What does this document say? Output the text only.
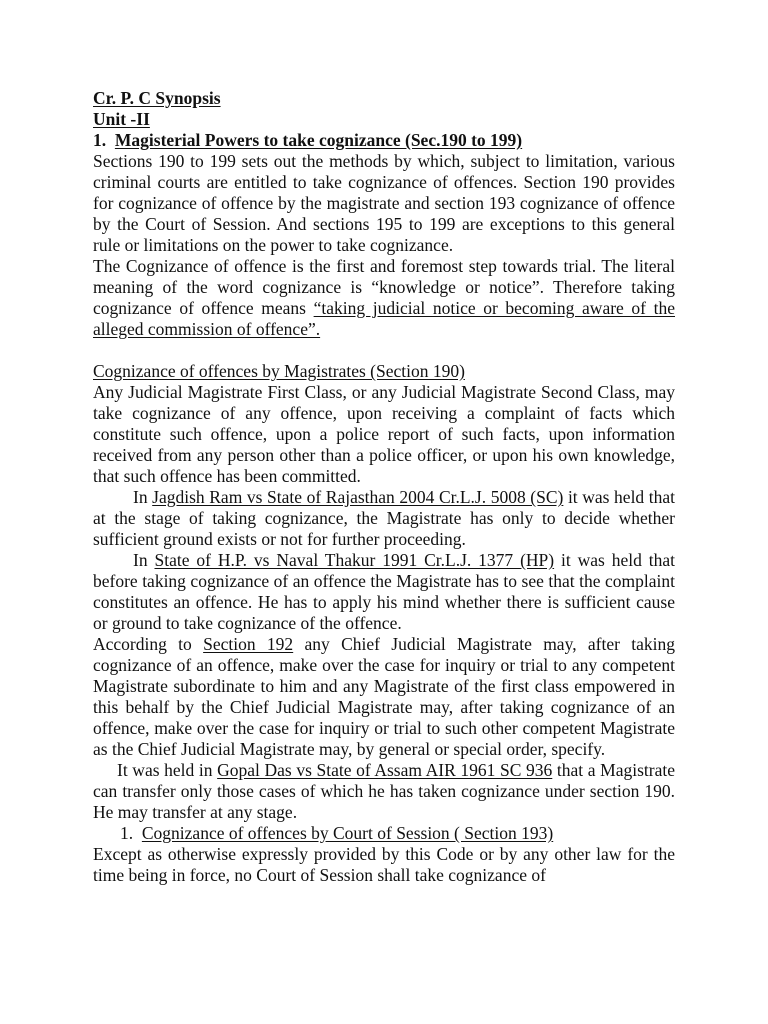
Cr. P. C Synopsis
Unit -II
1. Magisterial Powers to take cognizance (Sec.190 to 199)

Sections 190 to 199 sets out the methods by which, subject to limitation, various criminal courts are entitled to take cognizance of offences. Section 190 provides for cognizance of offence by the magistrate and section 193 cognizance of offence by the Court of Session. And sections 195 to 199 are exceptions to this general rule or limitations on the power to take cognizance.

The Cognizance of offence is the first and foremost step towards trial. The literal meaning of the word cognizance is “knowledge or notice”. Therefore taking cognizance of offence means “taking judicial notice or becoming aware of the alleged commission of offence”.

Cognizance of offences by Magistrates (Section 190)

Any Judicial Magistrate First Class, or any Judicial Magistrate Second Class, may take cognizance of any offence, upon receiving a complaint of facts which constitute such offence, upon a police report of such facts, upon information received from any person other than a police officer, or upon his own knowledge, that such offence has been committed.

In Jagdish Ram vs State of Rajasthan 2004 Cr.L.J. 5008 (SC) it was held that at the stage of taking cognizance, the Magistrate has only to decide whether sufficient ground exists or not for further proceeding.

In State of H.P. vs Naval Thakur 1991 Cr.L.J. 1377 (HP) it was held that before taking cognizance of an offence the Magistrate has to see that the complaint constitutes an offence. He has to apply his mind whether there is sufficient cause or ground to take cognizance of the offence.

According to Section 192 any Chief Judicial Magistrate may, after taking cognizance of an offence, make over the case for inquiry or trial to any competent Magistrate subordinate to him and any Magistrate of the first class empowered in this behalf by the Chief Judicial Magistrate may, after taking cognizance of an offence, make over the case for inquiry or trial to such other competent Magistrate as the Chief Judicial Magistrate may, by general or special order, specify.

It was held in Gopal Das vs State of Assam AIR 1961 SC 936 that a Magistrate can transfer only those cases of which he has taken cognizance under section 190. He may transfer at any stage.

1. Cognizance of offences by Court of Session ( Section 193)

Except as otherwise expressly provided by this Code or by any other law for the time being in force, no Court of Session shall take cognizance of
